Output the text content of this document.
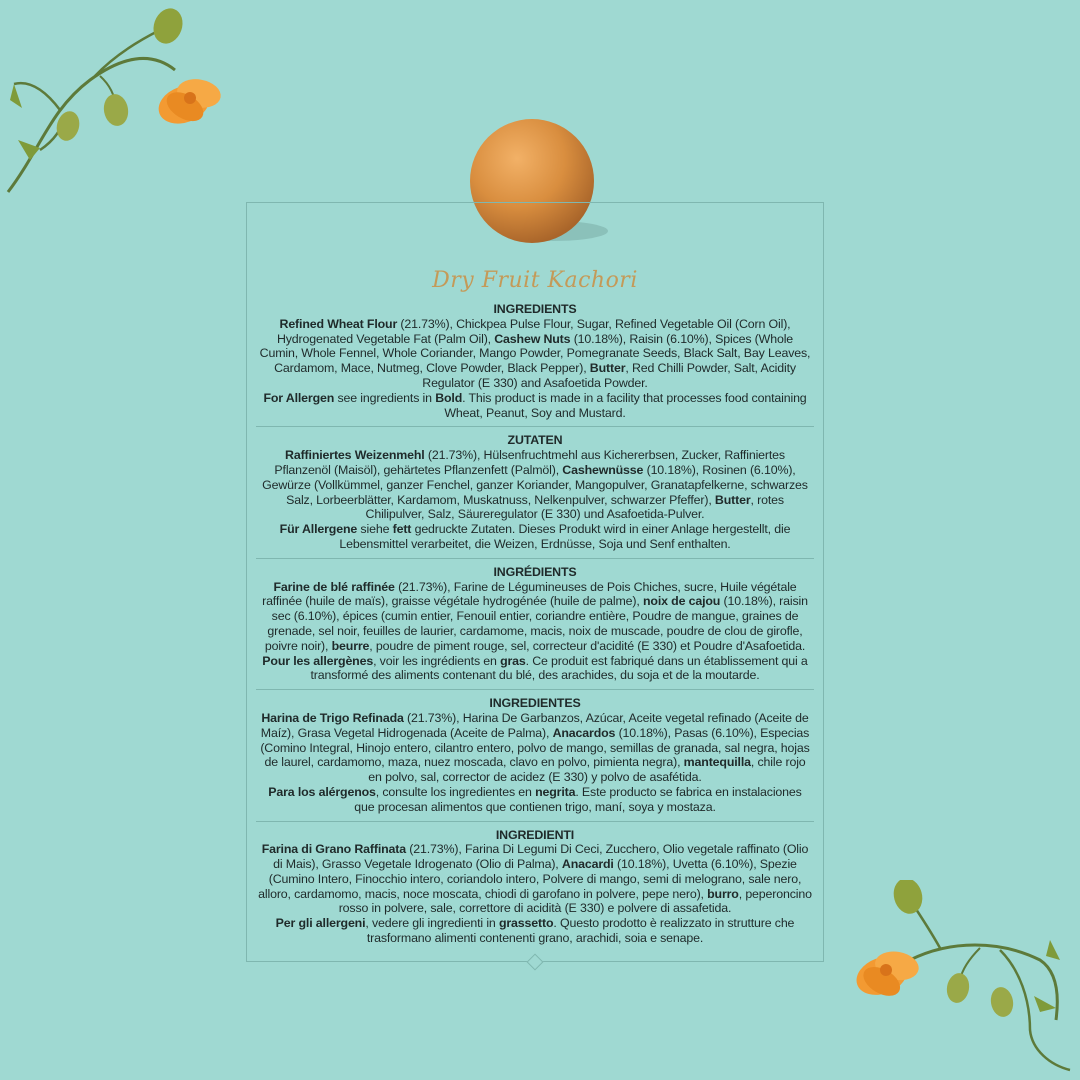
Dry Fruit Kachori
INGREDIENTS
Refined Wheat Flour (21.73%), Chickpea Pulse Flour, Sugar, Refined Vegetable Oil (Corn Oil), Hydrogenated Vegetable Fat (Palm Oil), Cashew Nuts (10.18%), Raisin (6.10%), Spices (Whole Cumin, Whole Fennel, Whole Coriander, Mango Powder, Pomegranate Seeds, Black Salt, Bay Leaves, Cardamom, Mace, Nutmeg, Clove Powder, Black Pepper), Butter, Red Chilli Powder, Salt, Acidity Regulator (E 330) and Asafoetida Powder.
For Allergen see ingredients in Bold. This product is made in a facility that processes food containing Wheat, Peanut, Soy and Mustard.
ZUTATEN
Raffiniertes Weizenmehl (21.73%), Hülsenfruchtmehl aus Kichererbsen, Zucker, Raffiniertes Pflanzenöl (Maisöl), gehärtetes Pflanzenfett (Palmöl), Cashewnüsse (10.18%), Rosinen (6.10%), Gewürze (Vollkümmel, ganzer Fenchel, ganzer Koriander, Mangopulver, Granatapfelkerne, schwarzes Salz, Lorbeerblätter, Kardamom, Muskatnuss, Nelkenpulver, schwarzer Pfeffer), Butter, rotes Chilipulver, Salz, Säureregulator (E 330) und Asafoetida-Pulver.
Für Allergene siehe fett gedruckte Zutaten. Dieses Produkt wird in einer Anlage hergestellt, die Lebensmittel verarbeitet, die Weizen, Erdnüsse, Soja und Senf enthalten.
INGRÉDIENTS
Farine de blé raffinée (21.73%), Farine de Légumineuses de Pois Chiches, sucre, Huile végétale raffinée (huile de maïs), graisse végétale hydrogénée (huile de palme), noix de cajou (10.18%), raisin sec (6.10%), épices (cumin entier, Fenouil entier, coriandre entière, Poudre de mangue, graines de grenade, sel noir, feuilles de laurier, cardamome, macis, noix de muscade, poudre de clou de girofle, poivre noir), beurre, poudre de piment rouge, sel, correcteur d'acidité (E 330) et Poudre d'Asafoetida.
Pour les allergènes, voir les ingrédients en gras. Ce produit est fabriqué dans un établissement qui a transformé des aliments contenant du blé, des arachides, du soja et de la moutarde.
INGREDIENTES
Harina de Trigo Refinada (21.73%), Harina De Garbanzos, Azúcar, Aceite vegetal refinado (Aceite de Maíz), Grasa Vegetal Hidrogenada (Aceite de Palma), Anacardos (10.18%), Pasas (6.10%), Especias (Comino Integral, Hinojo entero, cilantro entero, polvo de mango, semillas de granada, sal negra, hojas de laurel, cardamomo, maza, nuez moscada, clavo en polvo, pimienta negra), mantequilla, chile rojo en polvo, sal, corrector de acidez (E 330) y polvo de asafétida.
Para los alérgenos, consulte los ingredientes en negrita. Este producto se fabrica en instalaciones que procesan alimentos que contienen trigo, maní, soya y mostaza.
INGREDIENTI
Farina di Grano Raffinata (21.73%), Farina Di Legumi Di Ceci, Zucchero, Olio vegetale raffinato (Olio di Mais), Grasso Vegetale Idrogenato (Olio di Palma), Anacardi (10.18%), Uvetta (6.10%), Spezie (Cumino Intero, Finocchio intero, coriandolo intero, Polvere di mango, semi di melograno, sale nero, alloro, cardamomo, macis, noce moscata, chiodi di garofano in polvere, pepe nero), burro, peperoncino rosso in polvere, sale, correttore di acidità (E 330) e polvere di assafetida.
Per gli allergeni, vedere gli ingredienti in grassetto. Questo prodotto è realizzato in strutture che trasformano alimenti contenenti grano, arachidi, soia e senape.
